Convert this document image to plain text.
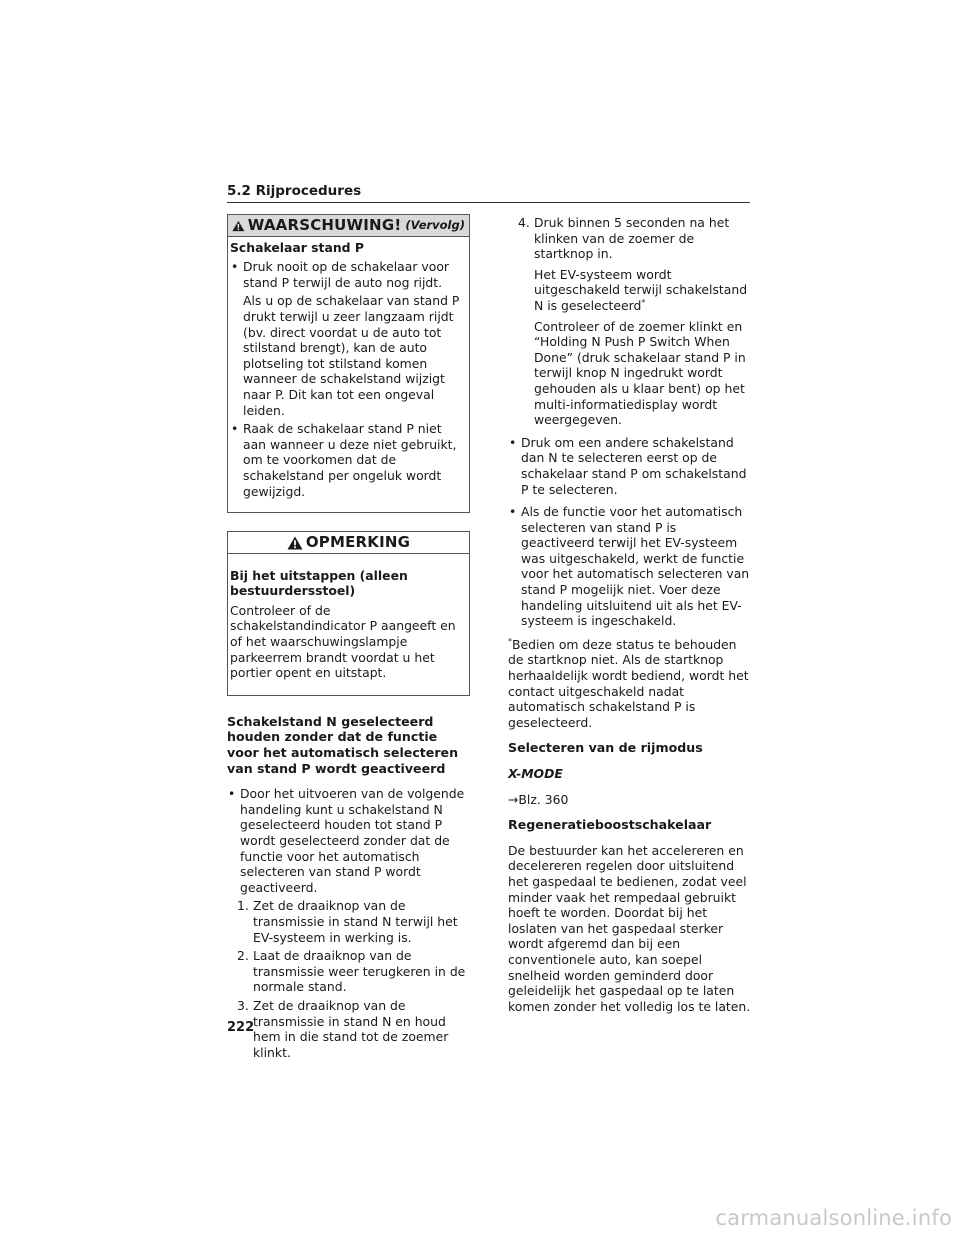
5.2 Rijprocedures
WAARSCHUWING! (Vervolg)

Schakelaar stand P

• Druk nooit op de schakelaar voor stand P terwijl de auto nog rijdt.
Als u op de schakelaar van stand P drukt terwijl u zeer langzaam rijdt (bv. direct voordat u de auto tot stilstand brengt), kan de auto plotseling tot stilstand komen wanneer de schakelstand wijzigt naar P. Dit kan tot een ongeval leiden.
• Raak de schakelaar stand P niet aan wanneer u deze niet gebruikt, om te voorkomen dat de schakelstand per ongeluk wordt gewijzigd.
OPMERKING

Bij het uitstappen (alleen bestuurdersstoel)

Controleer of de schakelstandindicator P aangeeft en of het waarschuwingslampje parkeerrem brandt voordat u het portier opent en uitstapt.

Schakelstand N geselecteerd houden zonder dat de functie voor het automatisch selecteren van stand P wordt geactiveerd
• Door het uitvoeren van de volgende handeling kunt u schakelstand N geselecteerd houden tot stand P wordt geselecteerd zonder dat de functie voor het automatisch selecteren van stand P wordt geactiveerd.
1. Zet de draaiknop van de transmissie in stand N terwijl het EV-systeem in werking is.
2. Laat de draaiknop van de transmissie weer terugkeren in de normale stand.
3. Zet de draaiknop van de transmissie in stand N en houd hem in die stand tot de zoemer klinkt.
4. Druk binnen 5 seconden na het klinken van de zoemer de startknop in.
Het EV-systeem wordt uitgeschakeld terwijl schakelstand N is geselecteerd*
Controleer of de zoemer klinkt en “Holding N Push P Switch When Done” (druk schakelaar stand P in terwijl knop N ingedrukt wordt gehouden als u klaar bent) op het multi-informatiedisplay wordt weergegeven.
• Druk om een andere schakelstand dan N te selecteren eerst op de schakelaar stand P om schakelstand P te selecteren.
• Als de functie voor het automatisch selecteren van stand P is geactiveerd terwijl het EV-systeem was uitgeschakeld, werkt de functie voor het automatisch selecteren van stand P mogelijk niet. Voer deze handeling uitsluitend uit als het EV-systeem is ingeschakeld.

*Bedien om deze status te behouden de startknop niet. Als de startknop herhaaldelijk wordt bediend, wordt het contact uitgeschakeld nadat automatisch schakelstand P is geselecteerd.

Selecteren van de rijmodus

X-MODE

→Blz. 360

Regeneratieboostschakelaar

De bestuurder kan het accelereren en decelereren regelen door uitsluitend het gaspedaal te bedienen, zodat veel minder vaak het rempedaal gebruikt hoeft te worden. Doordat bij het loslaten van het gaspedaal sterker wordt afgeremd dan bij een conventionele auto, kan soepel snelheid worden geminderd door geleidelijk het gaspedaal op te laten komen zonder het volledig los te laten.

222
carmanualsonline.info
